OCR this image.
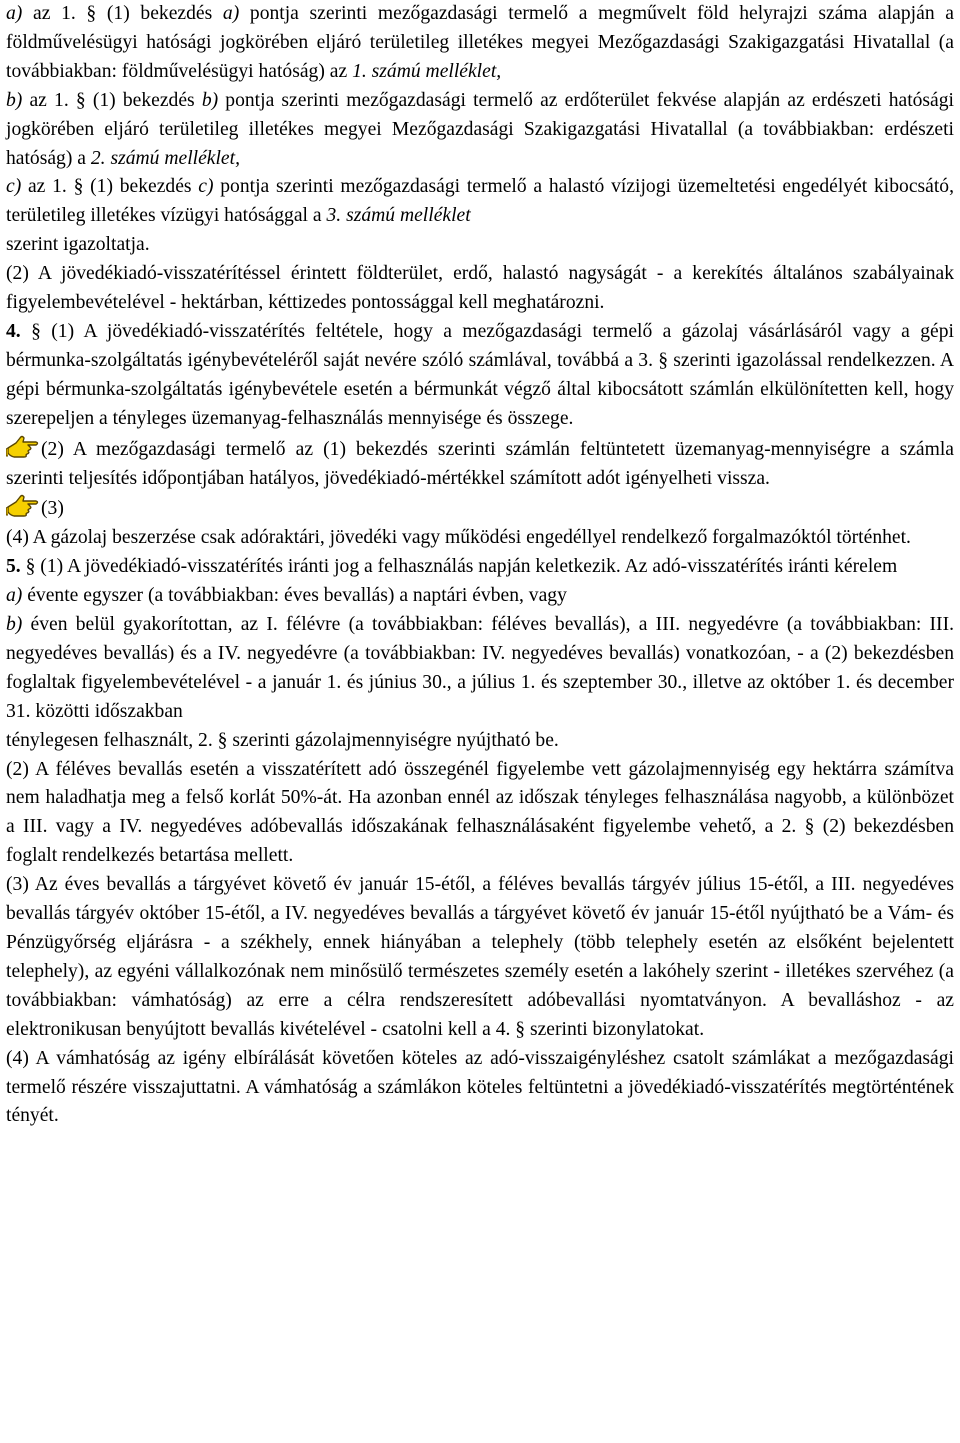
a) az 1. § (1) bekezdés a) pontja szerinti mezőgazdasági termelő a megművelt föld helyrajzi száma alapján a földművelésügyi hatósági jogkörében eljáró területileg illetékes megyei Mezőgazdasági Szakigazgatási Hivatallal (a továbbiakban: földművelésügyi hatóság) az 1. számú melléklet,

b) az 1. § (1) bekezdés b) pontja szerinti mezőgazdasági termelő az erdőterület fekvése alapján az erdészeti hatósági jogkörében eljáró területileg illetékes megyei Mezőgazdasági Szakigazgatási Hivatallal (a továbbiakban: erdészeti hatóság) a 2. számú melléklet,

c) az 1. § (1) bekezdés c) pontja szerinti mezőgazdasági termelő a halastó vízijogi üzemeltetési engedélyét kibocsátó, területileg illetékes vízügyi hatósággal a 3. számú melléklet

szerint igazoltatja.

(2) A jövedékiadó-visszatérítéssel érintett földterület, erdő, halastó nagyságát - a kerekítés általános szabályainak figyelembevételével - hektárban, kéttizedes pontossággal kell meghatározni.

4. § (1) A jövedékiadó-visszatérítés feltétele, hogy a mezőgazdasági termelő a gázolaj vásárlásáról vagy a gépi bérmunka-szolgáltatás igénybevételéről saját nevére szóló számlával, továbbá a 3. § szerinti igazolással rendelkezzen. A gépi bérmunka-szolgáltatás igénybevétele esetén a bérmunkát végző által kibocsátott számlán elkülönítetten kell, hogy szerepeljen a tényleges üzemanyag-felhasználás mennyisége és összege.

(2) A mezőgazdasági termelő az (1) bekezdés szerinti számlán feltüntetett üzemanyag-mennyiségre a számla szerinti teljesítés időpontjában hatályos, jövedékiadó-mértékkel számított adót igényelheti vissza.

(3)

(4) A gázolaj beszerzése csak adóraktári, jövedéki vagy működési engedéllyel rendelkező forgalmazóktól történhet.

5. § (1) A jövedékiadó-visszatérítés iránti jog a felhasználás napján keletkezik. Az adó-visszatérítés iránti kérelem

a) évente egyszer (a továbbiakban: éves bevallás) a naptári évben, vagy

b) éven belül gyakorítottan, az I. félévre (a továbbiakban: féléves bevallás), a III. negyedévre (a továbbiakban: III. negyedéves bevallás) és a IV. negyedévre (a továbbiakban: IV. negyedéves bevallás) vonatkozóan, - a (2) bekezdésben foglaltak figyelembevételével - a január 1. és június 30., a július 1. és szeptember 30., illetve az október 1. és december 31. közötti időszakban

ténylegesen felhasznált, 2. § szerinti gázolajmennyiségre nyújtható be.

(2) A féléves bevallás esetén a visszatérített adó összegénél figyelembe vett gázolajmennyiség egy hektárra számítva nem haladhatja meg a felső korlát 50%-át. Ha azonban ennél az időszak tényleges felhasználása nagyobb, a különbözet a III. vagy a IV. negyedéves adóbevallás időszakának felhasználásaként figyelembe vehető, a 2. § (2) bekezdésben foglalt rendelkezés betartása mellett.

(3) Az éves bevallás a tárgyévet követő év január 15-étől, a féléves bevallás tárgyév július 15-étől, a III. negyedéves bevallás tárgyév október 15-étől, a IV. negyedéves bevallás a tárgyévet követő év január 15-étől nyújtható be a Vám- és Pénzügyőrség eljárásra - a székhely, ennek hiányában a telephely (több telephely esetén az elsőként bejelentett telephely), az egyéni vállalkozónak nem minősülő természetes személy esetén a lakóhely szerint - illetékes szervéhez (a továbbiakban: vámhatóság) az erre a célra rendszeresített adóbevallási nyomtatványon. A bevalláshoz - az elektronikusan benyújtott bevallás kivételével - csatolni kell a 4. § szerinti bizonylatokat.

(4) A vámhatóság az igény elbírálását követően köteles az adó-visszaigényléshez csatolt számlákat a mezőgazdasági termelő részére visszajuttatni. A vámhatóság a számlákon köteles feltüntetni a jövedékiadó-visszatérítés megtörténtének tényét.
